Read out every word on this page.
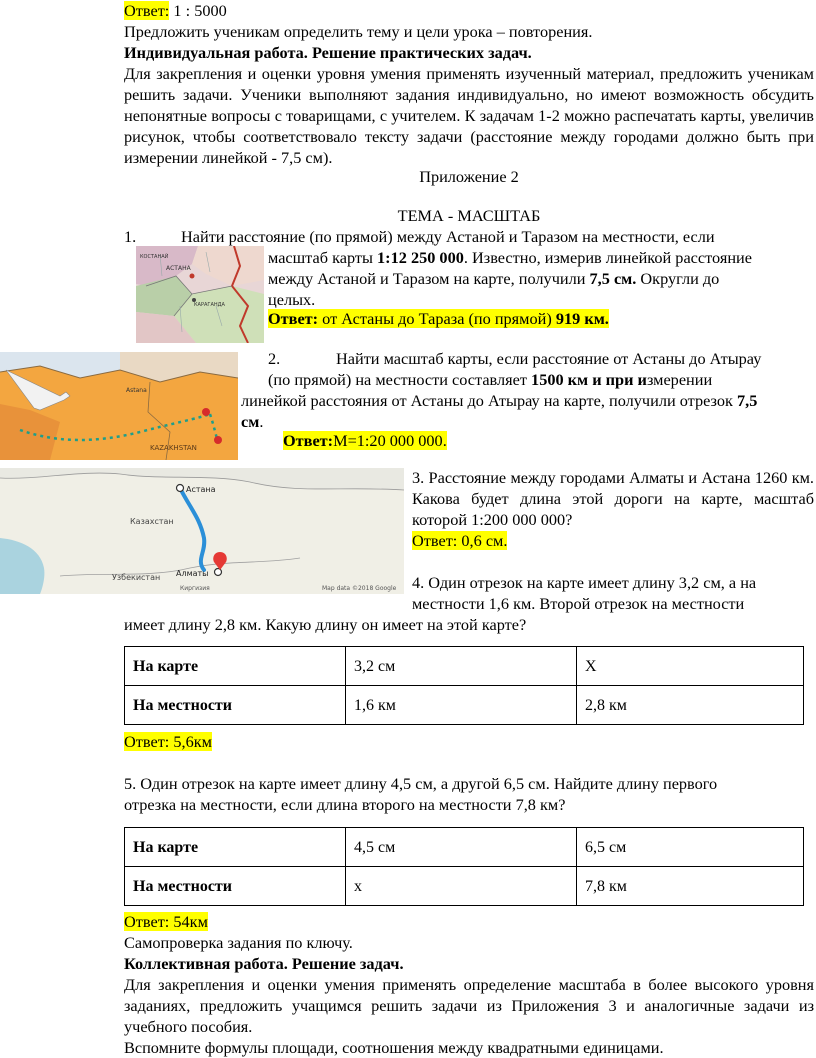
Ответ: 1 : 5000
Предложить ученикам определить тему и цели урока – повторения.
Индивидуальная работа. Решение практических задач.
Для закрепления и оценки уровня умения применять изученный материал, предложить ученикам решить задачи. Ученики выполняют задания индивидуально, но имеют возможность обсудить непонятные вопросы с товарищами, с учителем. К задачам 1-2 можно распечатать карты, увеличив рисунок, чтобы соответствовало тексту задачи (расстояние между городами должно быть при измерении линейкой - 7,5 см).
Приложение 2
ТЕМА - МАСШТАБ
1.	Найти расстояние (по прямой) между Астаной и Таразом на местности, если
масштаб карты 1:12 250 000. Известно, измерив линейкой расстояние
между Астаной и Таразом на карте, получили 7,5 см. Округли до
целых.
Ответ: от Астаны до Тараза (по прямой) 919 км.
АСТАНА
КАРАГАНДА
КОСТАНАЙ
2.	Найти масштаб карты, если расстояние от Астаны до Атырау
(по прямой) на местности составляет 1500 км и при измерении
линейкой расстояния от Астаны до Атырау на карте, получили отрезок 7,5
см.
Ответ:М=1:20 000 000.
Astana
KAZAKHSTAN
Астана
Казахстан
Узбекистан Алматы
Киргизия	Map data ©2018 Google
3. Расстояние между городами Алматы и Астана 1260 км. Какова будет длина этой дороги на карте, масштаб которой 1:200 000 000?
Ответ: 0,6 см.
4. Один отрезок на карте имеет длину 3,2 см, а на
местности 1,6 км. Второй отрезок на местности
имеет длину 2,8 км. Какую длину он имеет на этой карте?
На карте	3,2 см	Х
На местности	1,6 км	2,8 км
Ответ: 5,6км
5. Один отрезок на карте имеет длину 4,5 см, а другой 6,5 см. Найдите длину первого
отрезка на местности, если длина второго на местности 7,8 км?
На карте	4,5 см	6,5 см
На местности	х	7,8 км
Ответ: 54км
Самопроверка задания по ключу.
Коллективная работа. Решение задач.
Для закрепления и оценки умения применять определение масштаба в более высокого уровня заданиях, предложить учащимся решить задачи из Приложения 3 и аналогичные задачи из учебного пособия.
Вспомните формулы площади, соотношения между квадратными единицами.
